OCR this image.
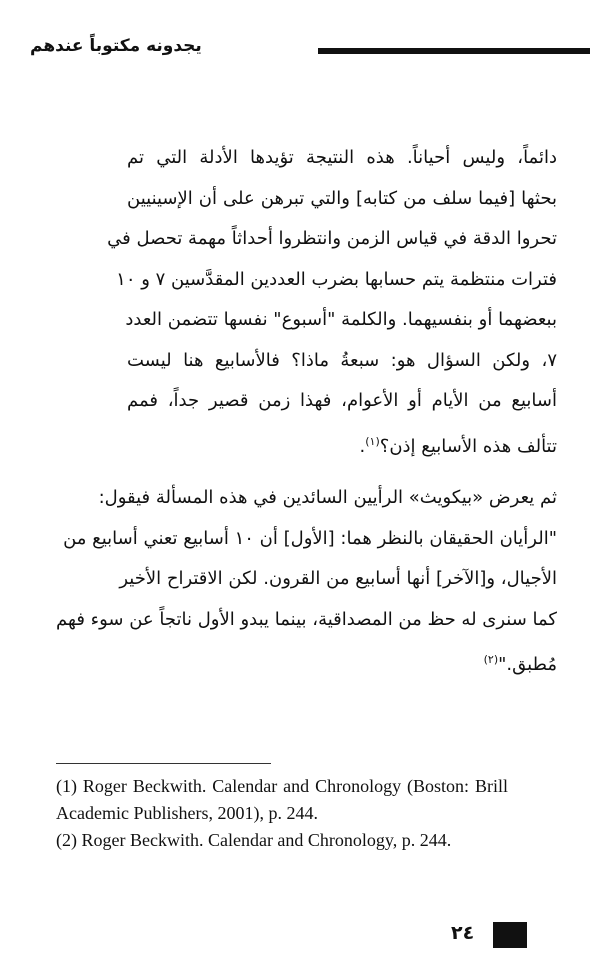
يجدونه مكتوباً عندهم
دائماً، وليس أحياناً. هذه النتيجة تؤيدها الأدلة التي تم
بحثها [فيما سلف من كتابه] والتي تبرهن على أن الإسينيين
تحروا الدقة في قياس الزمن وانتظروا أحداثاً مهمة تحصل في
فترات منتظمة يتم حسابها بضرب العددين المقدَّسين ٧ و ١٠
ببعضهما أو بنفسيهما. والكلمة "أسبوع" نفسها تتضمن العدد
٧، ولكن السؤال هو: سبعةُ ماذا؟ فالأسابيع هنا ليست
أسابيع من الأيام أو الأعوام، فهذا زمن قصير جداً، فمم
تتألف هذه الأسابيع إذن؟$^{(١)}$.
ثم يعرض «بيكويث» الرأيين السائدين في هذه المسألة فيقول:
"الرأيان الحقيقان بالنظر هما: [الأول] أن ١٠ أسابيع تعني أسابيع من
الأجيال، و[الآخر] أنها أسابيع من القرون. لكن الاقتراح الأخير
كما سنرى له حظ من المصداقية، بينما يبدو الأول ناتجاً عن سوء فهم
مُطبق."$^{(٢)}$
(1) Roger Beckwith. Calendar and Chronology (Boston: Brill Academic Publishers, 2001), p. 244.
(2) Roger Beckwith. Calendar and Chronology, p. 244.
٢٤
